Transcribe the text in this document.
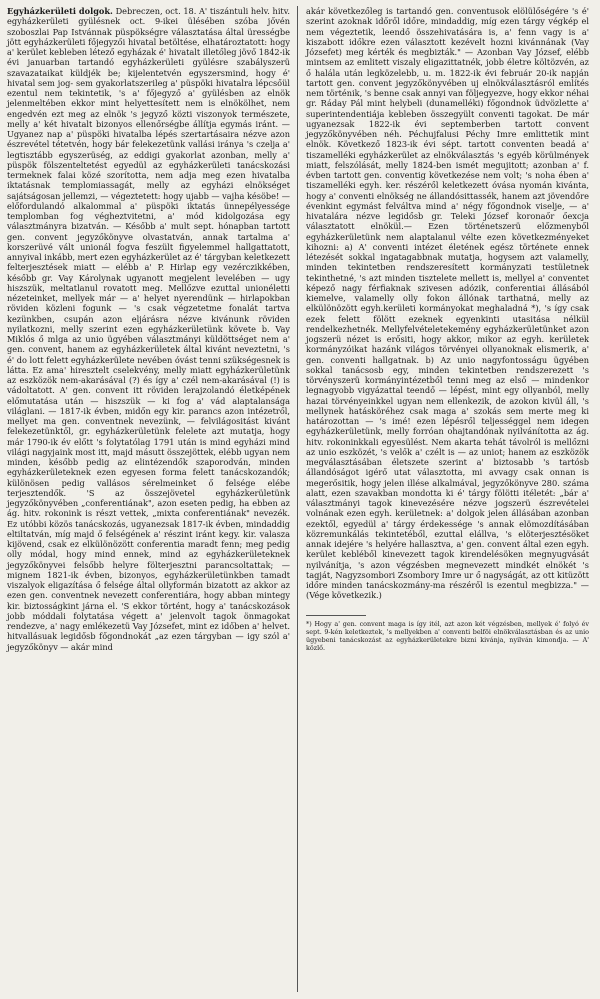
Egyházkerületi dolgok. Debreczen, oct. 18. A' tiszántuli helv. hitv. egyházkerületi gyülésnek oct. 9-ikei ülésében szóba jővén szoboszlai Pap Istvánnak püspökségre választatása által ürességbe jött egyházkerületi főjegyzői hivatal betöltése, elhatároztatott: hogy a' kerület kebleben létező egyházak é' hivatalt illetőleg jövő 1842-ik évi januarban tartandó egyházkerületi gyülésre szabályszerü szavazataikat küldjék be; kijelentetvén egyszersmind, hogy é' hivatal sem jog- sem gyakorlatszerileg a' püspöki hivatalra lépcsőül ezentul nem tekintetik, 's a' főjegyző a' gyülésben az elnök jelenmeltében ekkor mint helyettesített nem is elnökölhet, nem engedvén ezt meg az elnök 's jegyző közti viszonyok természete, melly a' két hivatalt bizonyos ellenőrségbe állítja egymás iránt. — Ugyanez nap a' püspöki hivatalba lépés szertartásaira nézve azon észrevétel tétetvén, hogy bár felekezetünk vallási iránya 's czelja a' legtisztább egyszerüség, az eddigi gyakorlat azonban, melly a' püspök fölszenteltetést egyedül az egyházkerületi tanácskozási termeknek falai közé szorította, nem adja meg ezen hivatalba iktatásnak templomiassagát, melly az egyházi elnökséget sajátságosan jellemzi, — végeztetett: hogy ujabb — vajha késöbe! — előfordulandó alkalommal a' püspöki iktatás ünnepélyessége templomban fog végheztvitetni, a' mód kidolgozása egy választmányra bizatván. — Később a' mult sept. hónapban tartott gen. convent jegyzőkönyve olvastatván, annak tartalma a' korszerüvé vált unionál fogva feszült figyelemmel hallgattatott, annyival inkább, mert ezen egyházkerület az é' tárgyban keletkezett felterjesztések miatt — elébb a' P. Hirlap egy vezérczikkében, később gr. Vay Károlynak ugyanott megjelent levelében — ugy hiszszük, meltatlanul rovatott meg. Mellőzve ezuttal unionéletti nézeteinket, mellyek már — a' helyet nyerendünk — hirlapokban röviden közleni fogunk — 's csak végzetetme fonalát tartva kezünkben, csupán azon eljárásra nézve kivánunk röviden nyilatkozni, melly szerint ezen egyházkerületünk követe b. Vay Miklós ő mlga az unio ügyében választmányi küldöttséget nem a' gen. convent, hanem az egyházkerületek által kivánt neveztetni, 's é' do lott felett egyházkerülete nevében óvást tenni szükségesnek is látta. Ez ama' hiresztelt cselekvény, melly miatt egyházkerületünk az eszközök nem-akarásával (?) és így a' czél nem-akarásával (!) is vádoltatott. A' gen. convent itt röviden lerajzolandó életképének előmutatása után — hiszszük — ki fog a' vád alaptalansága világlani. — 1817-ik évben, midőn egy kir. parancs azon intézetről, mellyet ma gen. conventnek nevezünk, — felvilágositást kivánt felekezetünktől, gr. egyházkerületünk felelete azt mutatja, hogy már 1790-ik év előtt 's folytatólag 1791 után is mind egyházi mind világi nagyjaink most itt, majd másutt összejöttek, elébb ugyan nem minden, később pedig az elintézendők szaporodván, minden egyházkerületeknek ezen egyesen forma felett tanácskozandók; különösen pedig vallásos sérelmeinket ő felsége elébe terjesztendők. 'S az összejövetel egyházkerületünk jegyzőkönyvében „conferentiának", azon eseten pedig, ha ebben az ág. hitv. rokonink is részt vettek, „mixta conferentiának" nevezék. Ez utóbbi közös tanácskozás, ugyanezsak 1817-ik évben, mindaddig eltiltatván, míg majd ő felségének a' részint iránt kegy. kir. valasza kijövend, csak ez elkülönözött conferentia maradt fenn; meg pedig olly módal, hogy mind ennek, mind az egyházkerületeknek jegyzőkönyvei felsőbb helyre fölterjesztni parancsoltattak; — mignem 1821-ik évben, bizonyos, egyházkerületünkben tamadt viszalyok eligazítása ő felsége által ollyformán bizatott az akkor az ezen gen. conventnek nevezett conferentiára, hogy abban mintegy kir. biztosságkint járna el. 'S ekkor történt, hogy a' tanácskozások jobb móddali folytatása végett a' jelenvolt tagok önmagokat rendezve, a' nagy emlékezetü Vay Józsefet, mint ez időben a' helvet. hitvallásuak legidősb főgondnokát „az ezen tárgyban — igy szól a' jegyzőkönyv — akár mind

akár következőleg is tartandó gen. conventusok elölülőségére 's é' szerint azoknak időről időre, mindaddig, míg ezen tárgy végkép el nem végeztetik, leendő összehivatására is, a' fenn vagy is a' kiszabott időkre ezen választott kezévelt hozni kivánnának (Vay Józsefet) meg kérték és megbizták." — Azonban Vay József, elébb mintsem az emlitett viszaly eligazittatnék, jobb életre költözvén, az ő halála után legközelebb, u. m. 1822-ik évi február 20-ik napján tartott gen. convent jegyzőkönyvében uj elnökválasztásról említés nem történik, 's benne csak annyi van följegyezve, hogy ekkor néhai gr. Ráday Pál mint helybeli (dunamelléki) főgondnok üdvözlette a' superintendentiája kebleben összegyült conventi tagokat. De már ugyanezsak 1822-ik évi septemberben tartott convent jegyzőkönyvében néh. Péchujfalusi Péchy Imre emlittetik mint elnök. Következő 1823-ik évi sépt. tartott conventen beadá a' tiszamelléki egyházkerület az elnökválasztás 's egyéb körülmények miatt, felszólását, melly 1824-ben ismét megujitott; azonban a' f. évben tartott gen. conventig következése nem volt; 's noha ében a' tiszamelléki egyh. ker. részéről keletkezett óvása nyomán kivánta, hogy a' conventi elnökség ne állandósittassék, hanem azt jövendőre évenkint egymást felváltva mind a' négy főgondnok viselje, — a' hivatalára nézve legidősb gr. Teleki József koronaőr őexcja választatott elnökül.— Ezen történetszerü előzmenyből egyházkerületünk nem alaptalanul vélte ezen következményeket kihozni: a) A' conventi intézet életének egész története ennek létezését sokkal ingatagabbnak mutatja, hogysem azt valamelly, minden tekintetben rendszeresített kormányzati testületnek tekinthetné, 's azt minden tisztelete mellett is, mellyel a' conventet képező nagy férfiaknak szivesen adózik, conferentiai állásából kiemelve, valamelly olly fokon állónak tarthatná, melly az elkülönözött egyh.kerületi kormányokat meghaladná *), 's így csak ezek felett fölött ezeknek egyenkinti utasitása nélkül rendelkezhetnék. Mellyfelvételetekemény egyházkerületünket azon jogszerü nézet is erősiti, hogy akkor, mikor az egyh. kerületek kormányzóikat hazánk világos törvényei ollyanoknak elismerik, a' gen. conventi hallgatnak. b) Az unio nagyfontosságu ügyében sokkal tanácsosb egy, minden tekintetben rendszerezett 's törvényszerü kormányintézetből tenni meg az első — mindenkor legnagyobb vigyázattal teendő — lépést, mint egy ollyanból, melly hazai törvényeinkkel ugyan nem ellenkezik, de azokon kivül áll, 's mellynek hatásköréhez csak maga a' szokás sem merte meg ki határozottan — 's imé! ezen lépésről teljességgel nem idegen egyházkerületünk, melly forróan ohajtandónak nyilvánította az ág. hitv. rokoninkkali egyesülést. Nem akarta tehát távolról is mellőzni az unio eszközét, 's velők a' czélt is — az uniot; hanem az eszközök megválasztásában életszete szerint a' biztosabb 's tartósb állandóságot igérő utat választotta, mi avvagy csak onnan is megerősitik, hogy jelen illése alkalmával, jegyzőkönyve 280. száma alatt, ezen szavakban mondotta ki é' tárgy fölötti itéletét: „bár a' választmányi tagok kinevezésére nézve jogszerü észrevételei volnának ezen egyh. kerületnek: a' dolgok jelen állásában azonban ezektől, egyedül a' tárgy érdekessége 's annak elömozdításában közremunkálás tekintetéből, ezuttal elállva, 's elöterjesztésöket annak idejére 's helyére hallasztva, a' gen. convent által ezen egyh. kerület kebléből kinevezett tagok kirendelésöken megnyugvását nyilvánítja, 's azon végzésben megnevezett mindkét elnökét 's tagját, Nagyzsombori Zsombory Imre ur ő nagyságát, az ott kitüzött időre minden tanácskozmány-ma részéről is ezentul megbizza." — (Vége következik.)

*) Hogy a' gen. convent maga is így itél, azt azon két végzésben, mellyek é' folyó év sept. 9-kén keletkeztek, 's mellyekben a' conventi belföi elnökválasztásban és az unio ügyebeni tanácskozást az egyházkerületekre bizni kivánja, nyilván kimondja. — A' közlő.
